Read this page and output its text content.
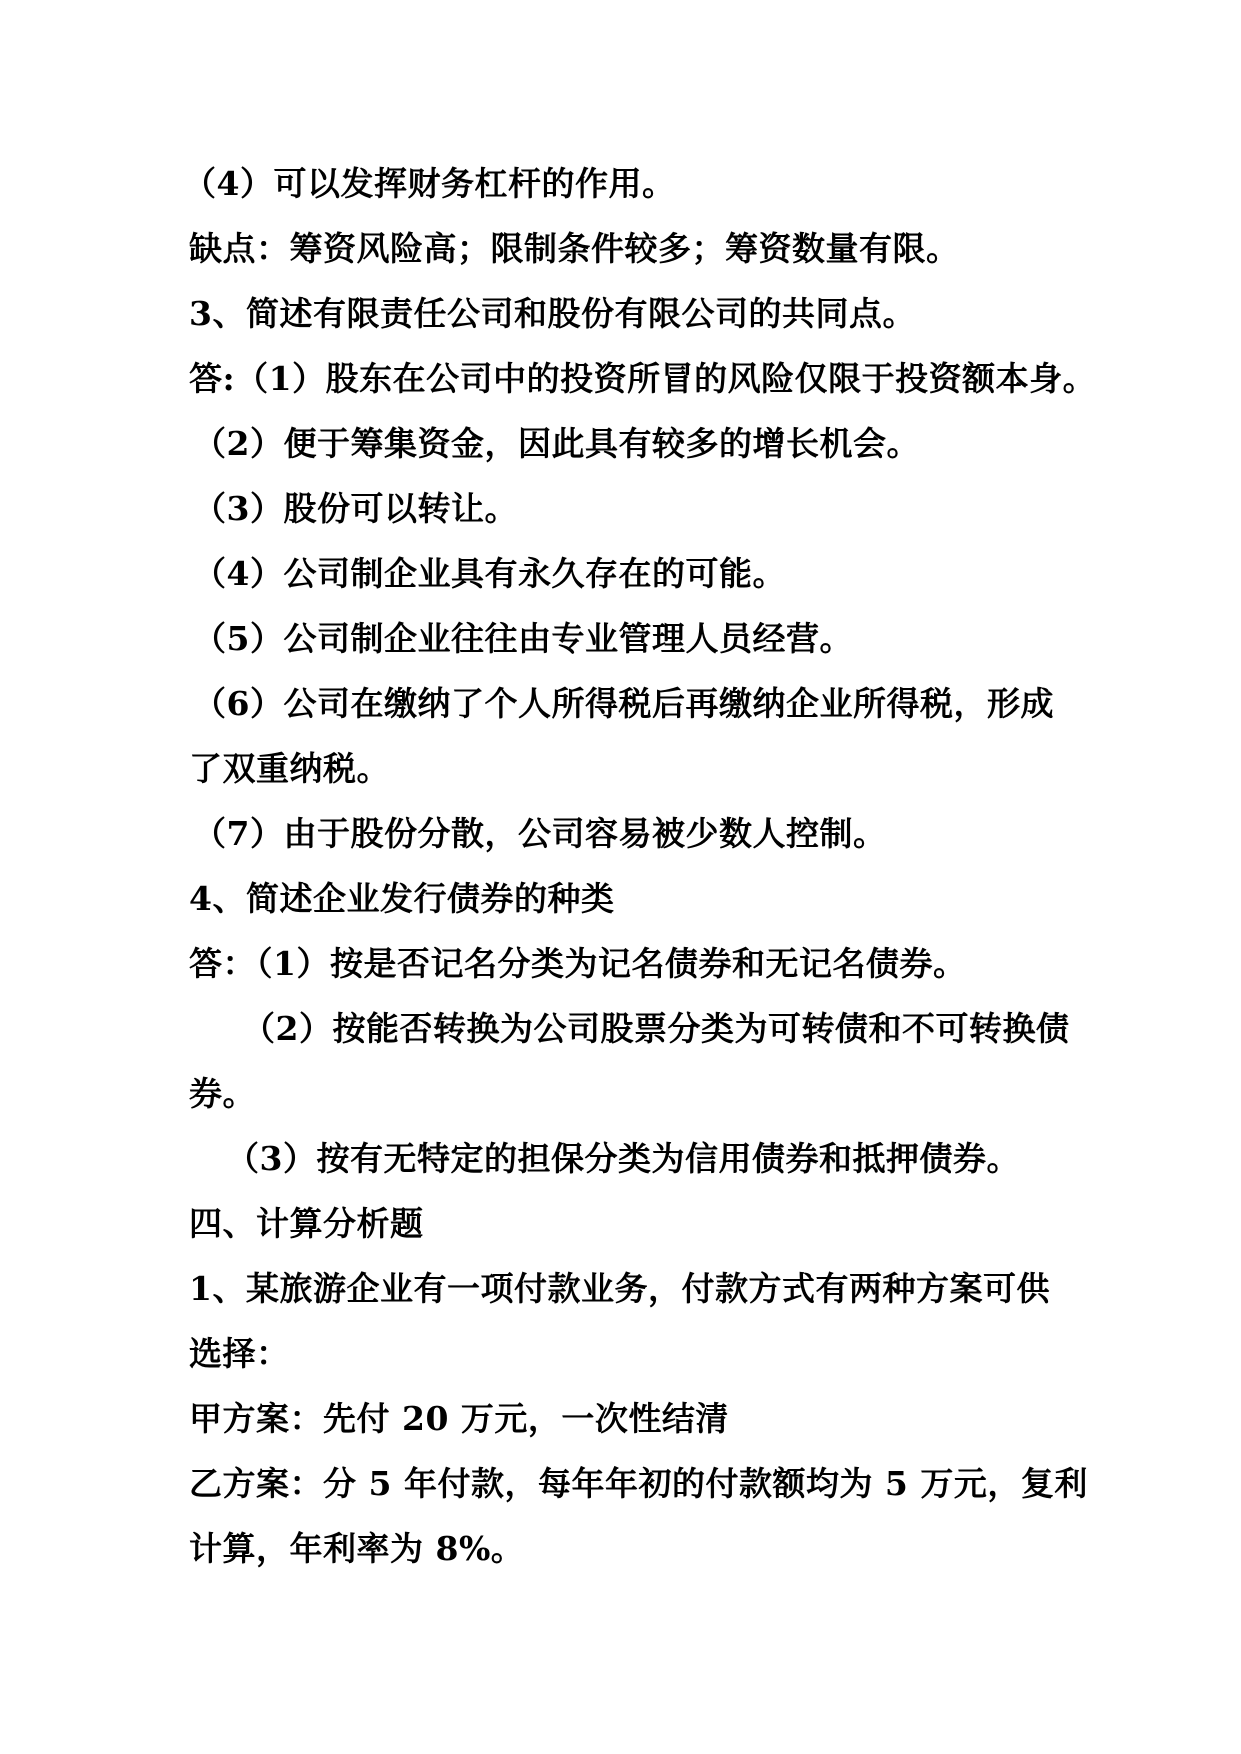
（4）可以发挥财务杠杆的作用。
缺点：筹资风险高；限制条件较多；筹资数量有限。
3、简述有限责任公司和股份有限公司的共同点。
答:（1）股东在公司中的投资所冒的风险仅限于投资额本身。
（2）便于筹集资金，因此具有较多的增长机会。
（3）股份可以转让。
（4）公司制企业具有永久存在的可能。
（5）公司制企业往往由专业管理人员经营。
（6）公司在缴纳了个人所得税后再缴纳企业所得税，形成
了双重纳税。
（7）由于股份分散，公司容易被少数人控制。
4、简述企业发行债券的种类
答：（1）按是否记名分类为记名债券和无记名债券。
（2）按能否转换为公司股票分类为可转债和不可转换债
券。
（3）按有无特定的担保分类为信用债券和抵押债券。
四、计算分析题
1、某旅游企业有一项付款业务，付款方式有两种方案可供
选择：
甲方案：先付 20 万元，一次性结清
乙方案：分 5 年付款，每年年初的付款额均为 5 万元，复利
计算，年利率为 8%。
